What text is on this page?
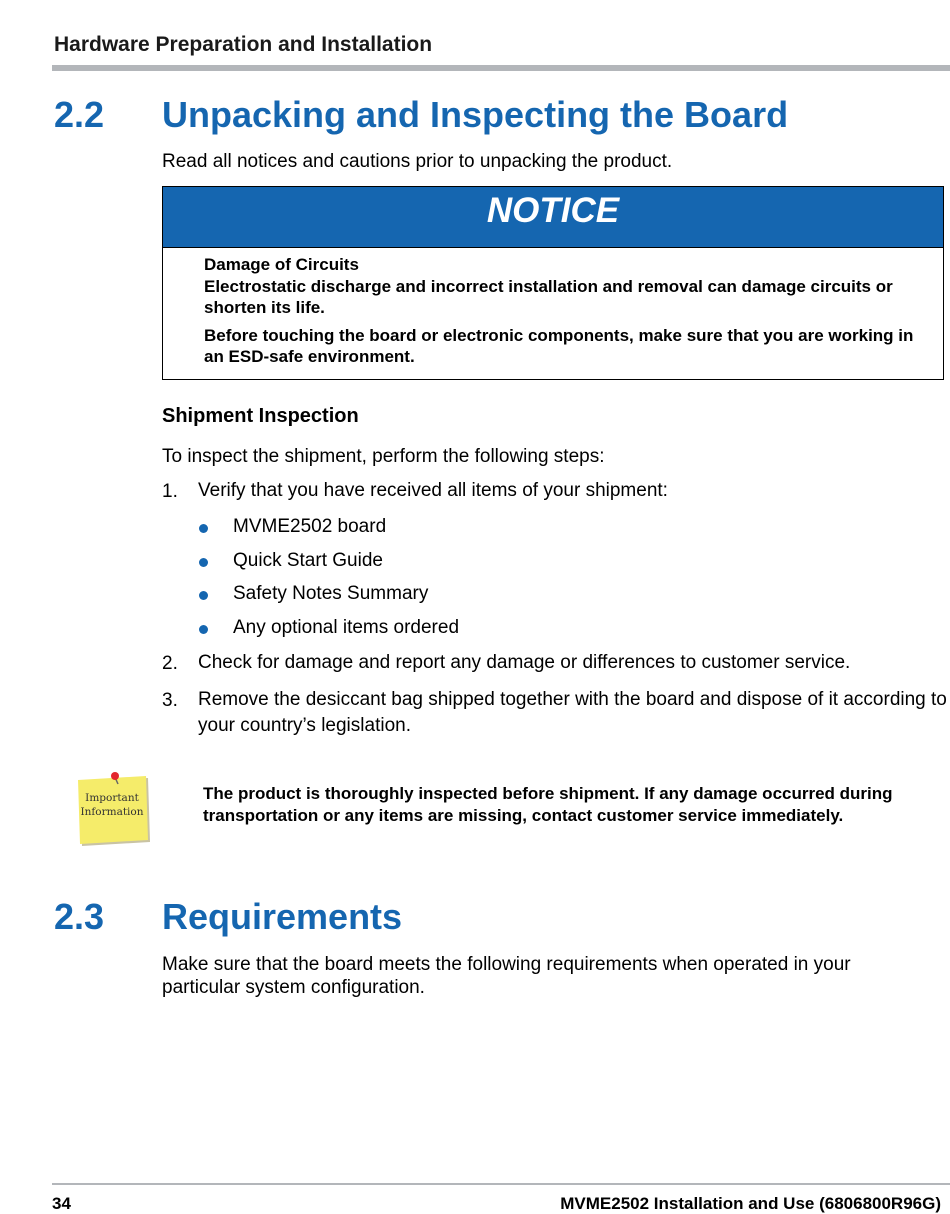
Hardware Preparation and Installation
2.2 Unpacking and Inspecting the Board
Read all notices and cautions prior to unpacking the product.
NOTICE

Damage of Circuits

Electrostatic discharge and incorrect installation and removal can damage circuits or shorten its life.

Before touching the board or electronic components, make sure that you are working in an ESD-safe environment.

Shipment Inspection
To inspect the shipment, perform the following steps:
1. Verify that you have received all items of your shipment:
MVME2502 board
Quick Start Guide
Safety Notes Summary
Any optional items ordered
2. Check for damage and report any damage or differences to customer service.
3. Remove the desiccant bag shipped together with the board and dispose of it according to your country’s legislation.
Important
Information
The product is thoroughly inspected before shipment. If any damage occurred during transportation or any items are missing, contact customer service immediately.
2.3 Requirements
Make sure that the board meets the following requirements when operated in your particular system configuration.
34	MVME2502 Installation and Use (6806800R96G)
